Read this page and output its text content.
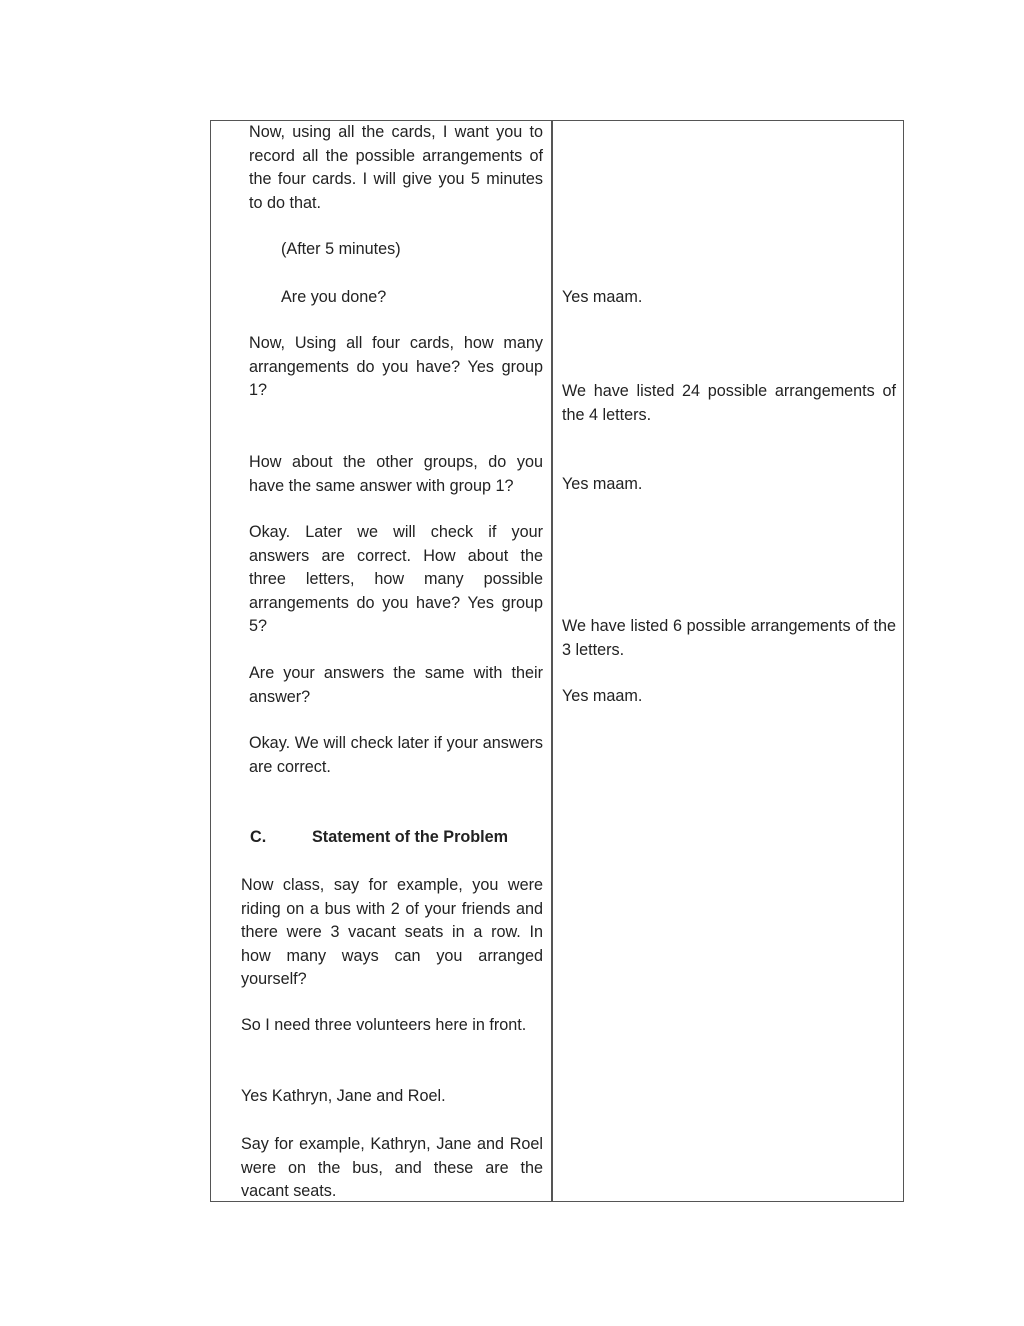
Now, using all the cards, I want you to record all the possible arrangements of the four cards. I will give you 5 minutes to do that.

(After 5 minutes)

Are you done?

Now, Using all four cards, how many arrangements do you have? Yes group 1?

How about the other groups, do you have the same answer with group 1?

Okay. Later we will check if your answers are correct. How about the three letters, how many possible arrangements do you have? Yes group 5?

Are your answers the same with their answer?

Okay. We will check later if your answers are correct.

C.	Statement of the Problem

Now class, say for example, you were riding on a bus with 2 of your friends and there were 3 vacant seats in a row. In how many ways can you arranged yourself?

So I need three volunteers here in front.

Yes Kathryn, Jane and Roel.

Say for example, Kathryn, Jane and Roel were on the bus, and these are the vacant seats.

Yes maam.

We have listed 24 possible arrangements of the 4 letters.

Yes maam.

We have listed 6 possible arrangements of the 3 letters.

Yes maam.
